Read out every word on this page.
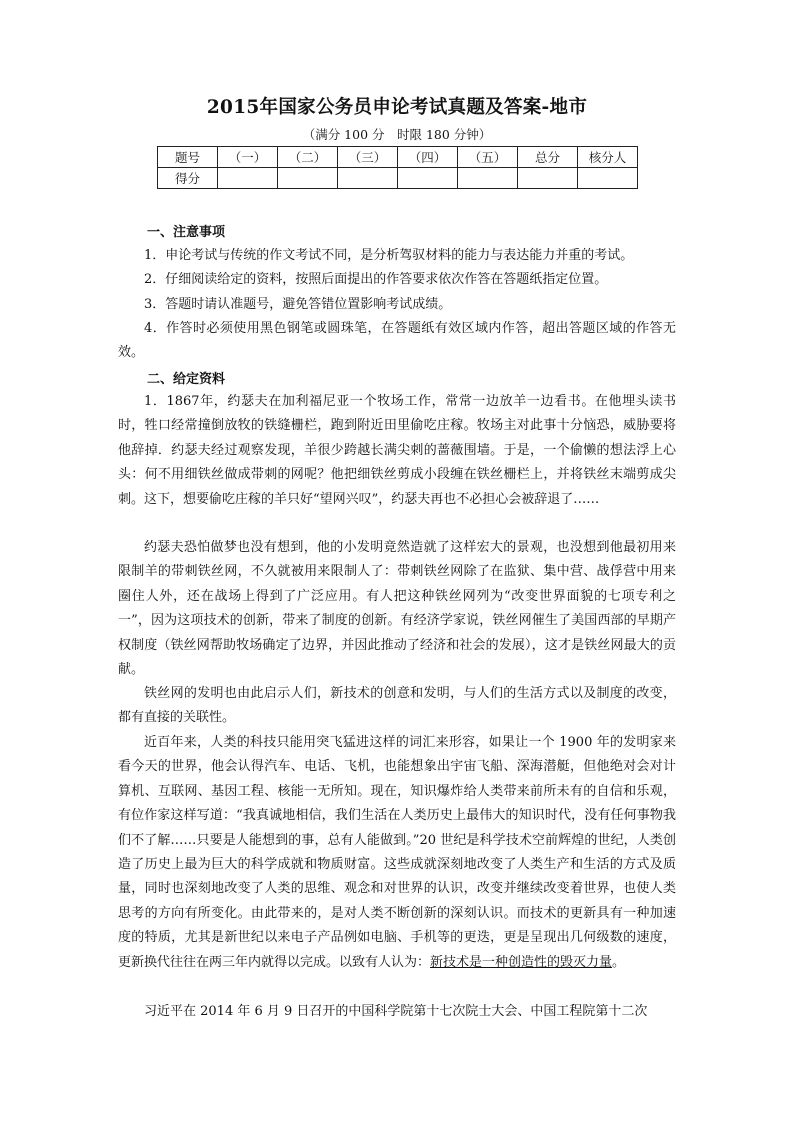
2015年国家公务员申论考试真题及答案-地市
（满分 100 分　时限 180 分钟）
题号	（一）	（二）	（三）	（四）	（五）	总分	核分人
得分							
一、注意事项

1．申论考试与传统的作文考试不同，是分析驾驭材料的能力与表达能力并重的考试。

2．仔细阅读给定的资料，按照后面提出的作答要求依次作答在答题纸指定位置。

3．答题时请认准题号，避免答错位置影响考试成绩。

4．作答时必须使用黑色钢笔或圆珠笔，在答题纸有效区域内作答，超出答题区域的作答无效。

二、给定资料

1．1867年，约瑟夫在加利福尼亚一个牧场工作，常常一边放羊一边看书。在他埋头读书时，牲口经常撞倒放牧的铁缝栅栏，跑到附近田里偷吃庄稼。牧场主对此事十分恼恐，威胁要将他辞掉．约瑟夫经过观察发现，羊很少跨越长满尖刺的蔷薇围墙。于是，一个偷懒的想法浮上心头：何不用细铁丝做成带刺的网呢？他把细铁丝剪成小段缠在铁丝栅栏上，并将铁丝末端剪成尖刺。这下，想要偷吃庄稼的羊只好“望网兴叹”，约瑟夫再也不必担心会被辞退了……

约瑟夫恐怕做梦也没有想到，他的小发明竟然造就了这样宏大的景观，也没想到他最初用来限制羊的带刺铁丝网，不久就被用来限制人了：带刺铁丝网除了在监狱、集中营、战俘营中用来圈住人外，还在战场上得到了广泛应用。有人把这种铁丝网列为“改变世界面貌的七项专利之一”，因为这项技术的创新，带来了制度的创新。有经济学家说，铁丝网催生了美国西部的早期产权制度（铁丝网帮助牧场确定了边界，并因此推动了经济和社会的发展），这才是铁丝网最大的贡献。

铁丝网的发明也由此启示人们，新技术的创意和发明，与人们的生活方式以及制度的改变，都有直接的关联性。

近百年来，人类的科技只能用突飞猛进这样的词汇来形容，如果让一个 1900 年的发明家来看今天的世界，他会认得汽车、电话、飞机，也能想象出宇宙飞船、深海潜艇，但他绝对会对计算机、互联网、基因工程、核能一无所知。现在，知识爆炸给人类带来前所未有的自信和乐观，有位作家这样写道：“我真诚地相信，我们生活在人类历史上最伟大的知识时代，没有任何事物我们不了解……只要是人能想到的事，总有人能做到。”20 世纪是科学技术空前辉煌的世纪，人类创造了历史上最为巨大的科学成就和物质财富。这些成就深刻地改变了人类生产和生活的方式及质量，同时也深刻地改变了人类的思维、观念和对世界的认识，改变并继续改变着世界，也使人类思考的方向有所变化。由此带来的，是对人类不断创新的深刻认识。而技术的更新具有一种加速度的特质，尤其是新世纪以来电子产品例如电脑、手机等的更迭，更是呈现出几何级数的速度，更新换代往往在两三年内就得以完成。以致有人认为：新技术是一种创造性的毁灭力量。

习近平在 2014 年 6 月 9 日召开的中国科学院第十七次院士大会、中国工程院第十二次
